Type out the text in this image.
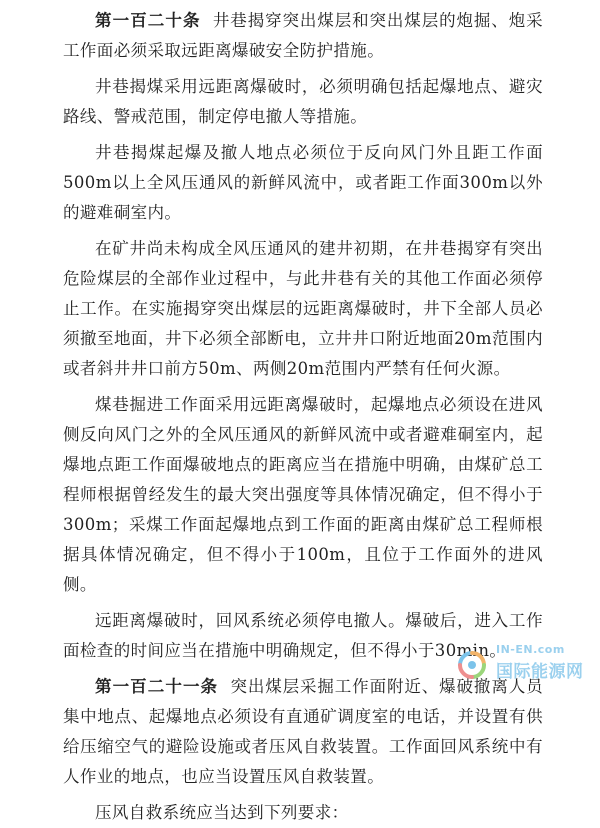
第一百二十条 井巷揭穿突出煤层和突出煤层的炮掘、炮采工作面必须采取远距离爆破安全防护措施。

井巷揭煤采用远距离爆破时，必须明确包括起爆地点、避灾路线、警戒范围，制定停电撤人等措施。

井巷揭煤起爆及撤人地点必须位于反向风门外且距工作面500m以上全风压通风的新鲜风流中，或者距工作面300m以外的避难硐室内。

在矿井尚未构成全风压通风的建井初期，在井巷揭穿有突出危险煤层的全部作业过程中，与此井巷有关的其他工作面必须停止工作。在实施揭穿突出煤层的远距离爆破时，井下全部人员必须撤至地面，井下必须全部断电，立井井口附近地面20m范围内或者斜井井口前方50m、两侧20m范围内严禁有任何火源。

煤巷掘进工作面采用远距离爆破时，起爆地点必须设在进风侧反向风门之外的全风压通风的新鲜风流中或者避难硐室内，起爆地点距工作面爆破地点的距离应当在措施中明确，由煤矿总工程师根据曾经发生的最大突出强度等具体情况确定，但不得小于300m；采煤工作面起爆地点到工作面的距离由煤矿总工程师根据具体情况确定，但不得小于100m，且位于工作面外的进风侧。

远距离爆破时，回风系统必须停电撤人。爆破后，进入工作面检查的时间应当在措施中明确规定，但不得小于30min。

第一百二十一条 突出煤层采掘工作面附近、爆破撤离人员集中地点、起爆地点必须设有直通矿调度室的电话，并设置有供给压缩空气的避险设施或者压风自救装置。工作面回风系统中有人作业的地点，也应当设置压风自救装置。

压风自救系统应当达到下列要求：

IN-EN.com
国际能源网
